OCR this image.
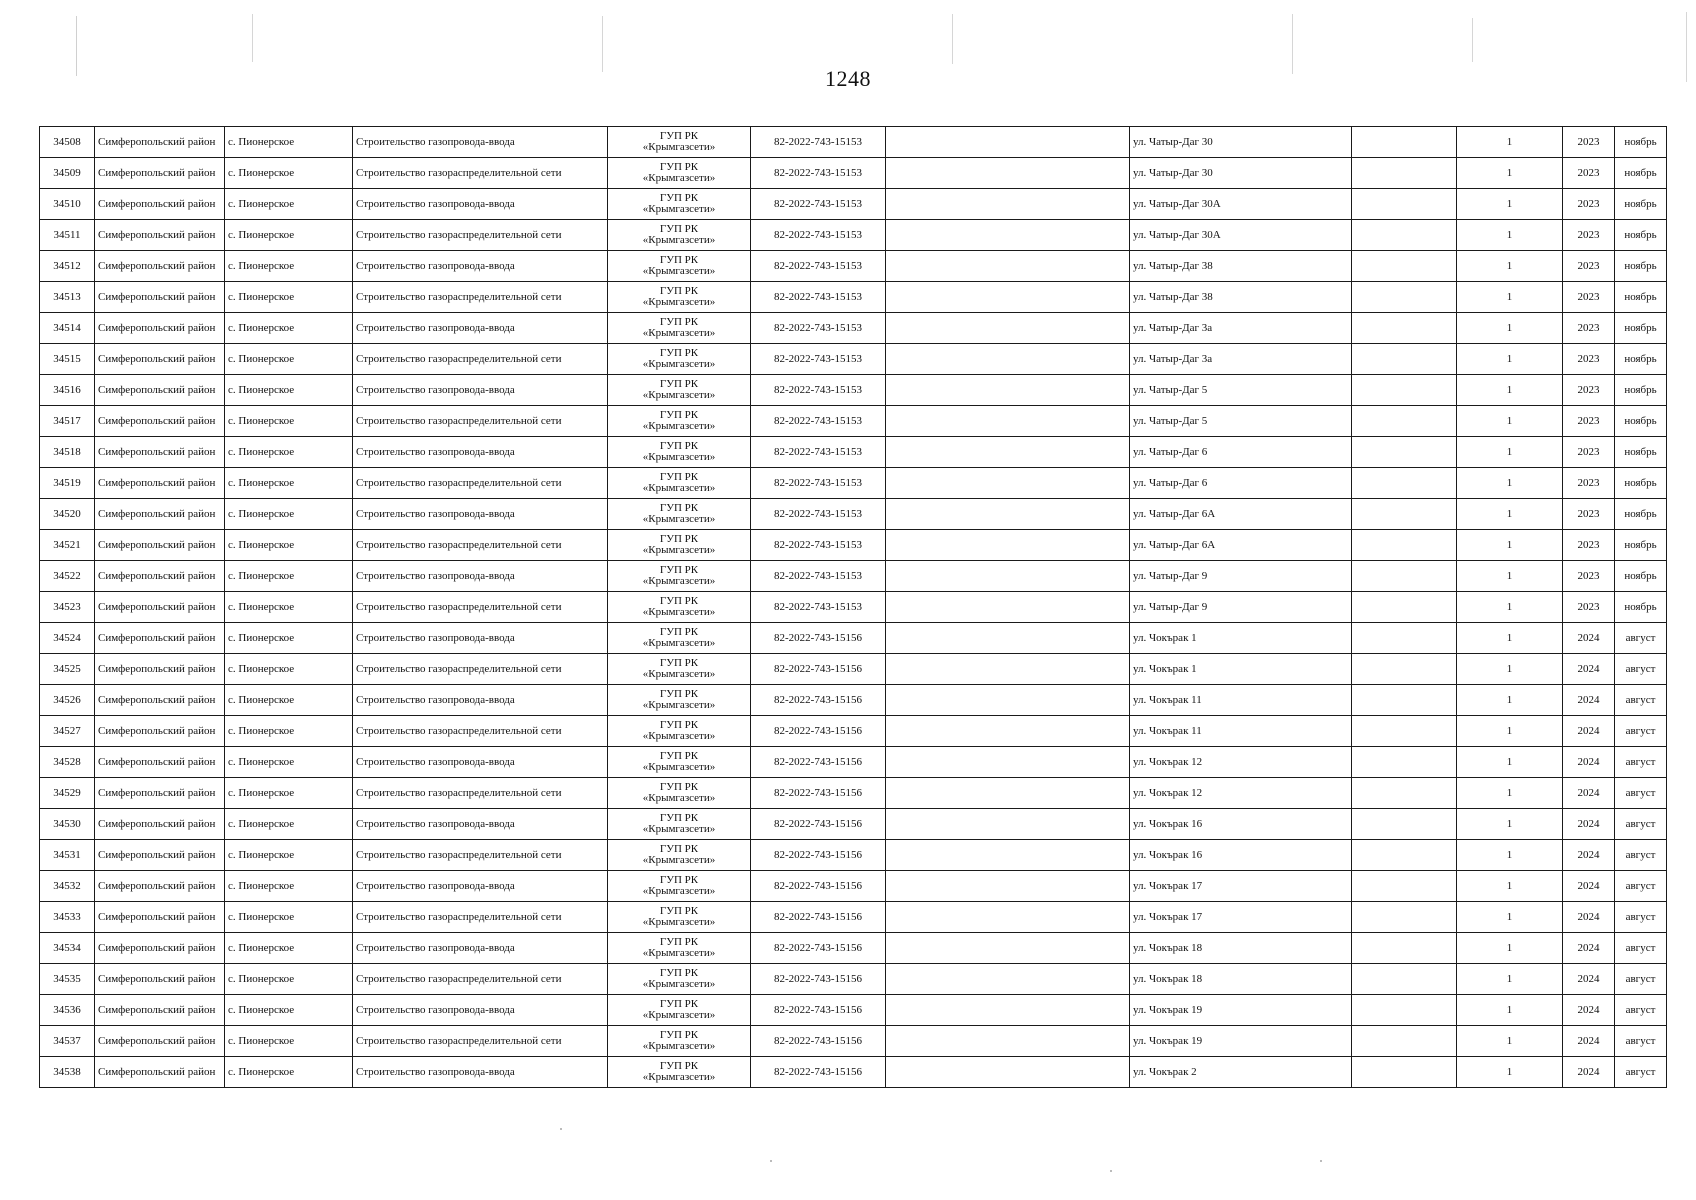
1248
34508	Симферопольский район	с. Пионерское	Строительство газопровода-ввода	ГУП РК
«Крымгазсети»	82-2022-743-15153		ул. Чатыр-Даг 30		1	2023	ноябрь
34509	Симферопольский район	с. Пионерское	Строительство газораспределительной сети	ГУП РК
«Крымгазсети»	82-2022-743-15153		ул. Чатыр-Даг 30		1	2023	ноябрь
34510	Симферопольский район	с. Пионерское	Строительство газопровода-ввода	ГУП РК
«Крымгазсети»	82-2022-743-15153		ул. Чатыр-Даг 30А		1	2023	ноябрь
34511	Симферопольский район	с. Пионерское	Строительство газораспределительной сети	ГУП РК
«Крымгазсети»	82-2022-743-15153		ул. Чатыр-Даг 30А		1	2023	ноябрь
34512	Симферопольский район	с. Пионерское	Строительство газопровода-ввода	ГУП РК
«Крымгазсети»	82-2022-743-15153		ул. Чатыр-Даг 38		1	2023	ноябрь
34513	Симферопольский район	с. Пионерское	Строительство газораспределительной сети	ГУП РК
«Крымгазсети»	82-2022-743-15153		ул. Чатыр-Даг 38		1	2023	ноябрь
34514	Симферопольский район	с. Пионерское	Строительство газопровода-ввода	ГУП РК
«Крымгазсети»	82-2022-743-15153		ул. Чатыр-Даг 3а		1	2023	ноябрь
34515	Симферопольский район	с. Пионерское	Строительство газораспределительной сети	ГУП РК
«Крымгазсети»	82-2022-743-15153		ул. Чатыр-Даг 3а		1	2023	ноябрь
34516	Симферопольский район	с. Пионерское	Строительство газопровода-ввода	ГУП РК
«Крымгазсети»	82-2022-743-15153		ул. Чатыр-Даг 5		1	2023	ноябрь
34517	Симферопольский район	с. Пионерское	Строительство газораспределительной сети	ГУП РК
«Крымгазсети»	82-2022-743-15153		ул. Чатыр-Даг 5		1	2023	ноябрь
34518	Симферопольский район	с. Пионерское	Строительство газопровода-ввода	ГУП РК
«Крымгазсети»	82-2022-743-15153		ул. Чатыр-Даг 6		1	2023	ноябрь
34519	Симферопольский район	с. Пионерское	Строительство газораспределительной сети	ГУП РК
«Крымгазсети»	82-2022-743-15153		ул. Чатыр-Даг 6		1	2023	ноябрь
34520	Симферопольский район	с. Пионерское	Строительство газопровода-ввода	ГУП РК
«Крымгазсети»	82-2022-743-15153		ул. Чатыр-Даг 6А		1	2023	ноябрь
34521	Симферопольский район	с. Пионерское	Строительство газораспределительной сети	ГУП РК
«Крымгазсети»	82-2022-743-15153		ул. Чатыр-Даг 6А		1	2023	ноябрь
34522	Симферопольский район	с. Пионерское	Строительство газопровода-ввода	ГУП РК
«Крымгазсети»	82-2022-743-15153		ул. Чатыр-Даг 9		1	2023	ноябрь
34523	Симферопольский район	с. Пионерское	Строительство газораспределительной сети	ГУП РК
«Крымгазсети»	82-2022-743-15153		ул. Чатыр-Даг 9		1	2023	ноябрь
34524	Симферопольский район	с. Пионерское	Строительство газопровода-ввода	ГУП РК
«Крымгазсети»	82-2022-743-15156		ул. Чокърак 1		1	2024	август
34525	Симферопольский район	с. Пионерское	Строительство газораспределительной сети	ГУП РК
«Крымгазсети»	82-2022-743-15156		ул. Чокърак 1		1	2024	август
34526	Симферопольский район	с. Пионерское	Строительство газопровода-ввода	ГУП РК
«Крымгазсети»	82-2022-743-15156		ул. Чокърак 11		1	2024	август
34527	Симферопольский район	с. Пионерское	Строительство газораспределительной сети	ГУП РК
«Крымгазсети»	82-2022-743-15156		ул. Чокърак 11		1	2024	август
34528	Симферопольский район	с. Пионерское	Строительство газопровода-ввода	ГУП РК
«Крымгазсети»	82-2022-743-15156		ул. Чокърак 12		1	2024	август
34529	Симферопольский район	с. Пионерское	Строительство газораспределительной сети	ГУП РК
«Крымгазсети»	82-2022-743-15156		ул. Чокърак 12		1	2024	август
34530	Симферопольский район	с. Пионерское	Строительство газопровода-ввода	ГУП РК
«Крымгазсети»	82-2022-743-15156		ул. Чокърак 16		1	2024	август
34531	Симферопольский район	с. Пионерское	Строительство газораспределительной сети	ГУП РК
«Крымгазсети»	82-2022-743-15156		ул. Чокърак 16		1	2024	август
34532	Симферопольский район	с. Пионерское	Строительство газопровода-ввода	ГУП РК
«Крымгазсети»	82-2022-743-15156		ул. Чокърак 17		1	2024	август
34533	Симферопольский район	с. Пионерское	Строительство газораспределительной сети	ГУП РК
«Крымгазсети»	82-2022-743-15156		ул. Чокърак 17		1	2024	август
34534	Симферопольский район	с. Пионерское	Строительство газопровода-ввода	ГУП РК
«Крымгазсети»	82-2022-743-15156		ул. Чокърак 18		1	2024	август
34535	Симферопольский район	с. Пионерское	Строительство газораспределительной сети	ГУП РК
«Крымгазсети»	82-2022-743-15156		ул. Чокърак 18		1	2024	август
34536	Симферопольский район	с. Пионерское	Строительство газопровода-ввода	ГУП РК
«Крымгазсети»	82-2022-743-15156		ул. Чокърак 19		1	2024	август
34537	Симферопольский район	с. Пионерское	Строительство газораспределительной сети	ГУП РК
«Крымгазсети»	82-2022-743-15156		ул. Чокърак 19		1	2024	август
34538	Симферопольский район	с. Пионерское	Строительство газопровода-ввода	ГУП РК
«Крымгазсети»	82-2022-743-15156		ул. Чокърак 2		1	2024	август
